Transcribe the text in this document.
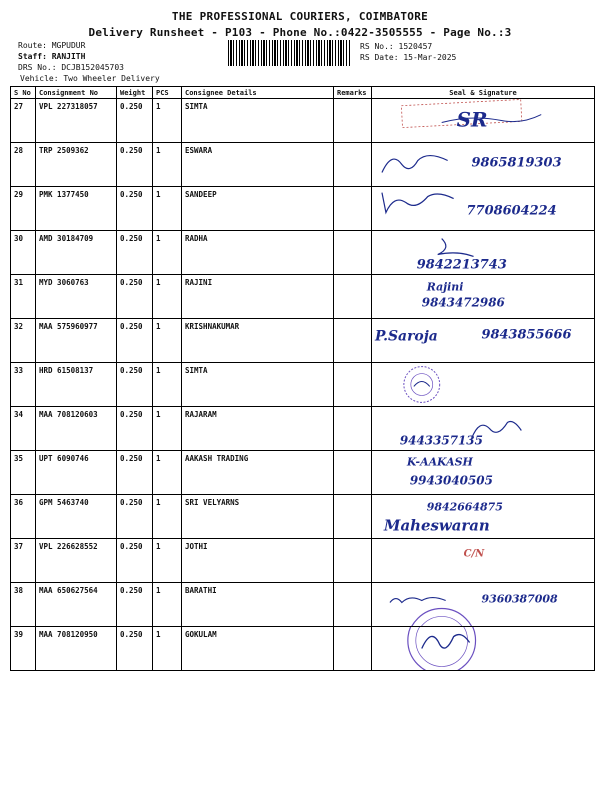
THE PROFESSIONAL COURIERS, COIMBATORE
Delivery Runsheet - P103 - Phone No.:0422-3505555 - Page No.:3
Route: MGPUDUR
Staff: RANJITH
DRS No.: DCJB152045703
Vehicle: Two Wheeler Delivery
RS No.: 1520457
RS Date: 15-Mar-2025
S No	Consignment No	Weight	PCS	Consignee Details	Remarks	Seal & Signature
27	VPL 227318057	0.250	1	SIMTA		SR

28	TRP 2509362	0.250	1	ESWARA		9865819303

29	PMK 1377450	0.250	1	SANDEEP		7708604224

30	AMD 30184709	0.250	1	RADHA		9842213743

31	MYD 3060763	0.250	1	RAJINI		Rajini
9843472986

32	MAA 575960977	0.250	1	KRISHNAKUMAR		P.Saroja 9843855666

33	HRD 61508137	0.250	1	SIMTA		

34	MAA 708120603	0.250	1	RAJARAM		9443357135

35	UPT 6090746	0.250	1	AAKASH TRADING		K-AAKASH
9943040505

36	GPM 5463740	0.250	1	SRI VELYARNS		9842664875
Maheswaran

37	VPL 226628552	0.250	1	JOTHI		C/N

38	MAA 650627564	0.250	1	BARATHI		9360387008

39	MAA 708120950	0.250	1	GOKULAM		
